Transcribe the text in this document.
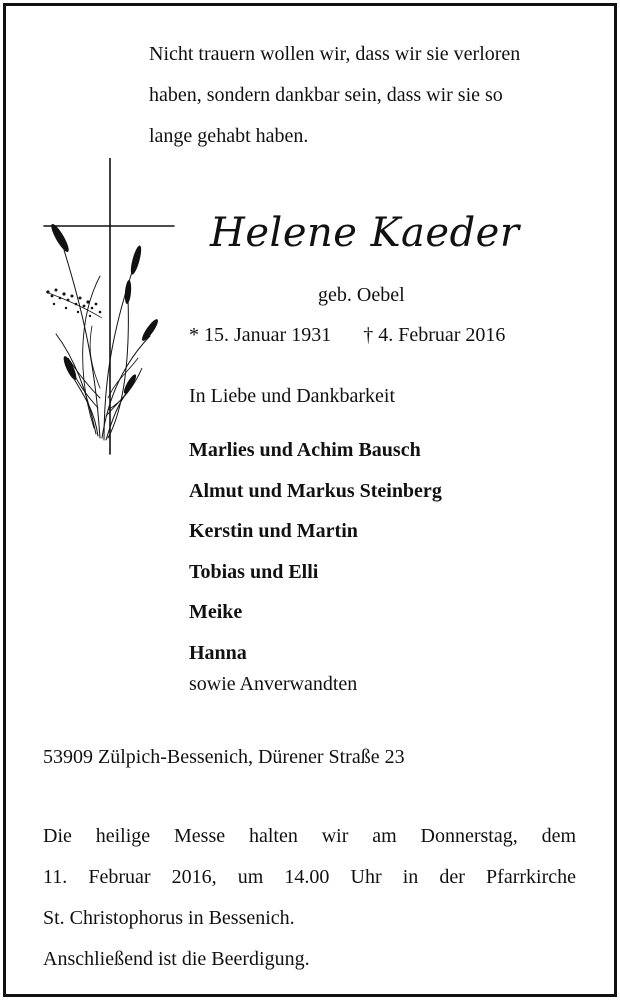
Nicht trauern wollen wir, dass wir sie verloren
haben, sondern dankbar sein, dass wir sie so
lange gehabt haben.
Helene Kaeder
geb. Oebel
* 15. Januar 1931 † 4. Februar 2016
In Liebe und Dankbarkeit
Marlies und Achim Bausch
Almut und Markus Steinberg
Kerstin und Martin
Tobias und Elli
Meike
Hanna
sowie Anverwandten
53909 Zülpich-Bessenich, Dürener Straße 23
Die heilige Messe halten wir am Donnerstag, dem
11. Februar 2016, um 14.00 Uhr in der Pfarrkirche
St. Christophorus in Bessenich.
Anschließend ist die Beerdigung.
